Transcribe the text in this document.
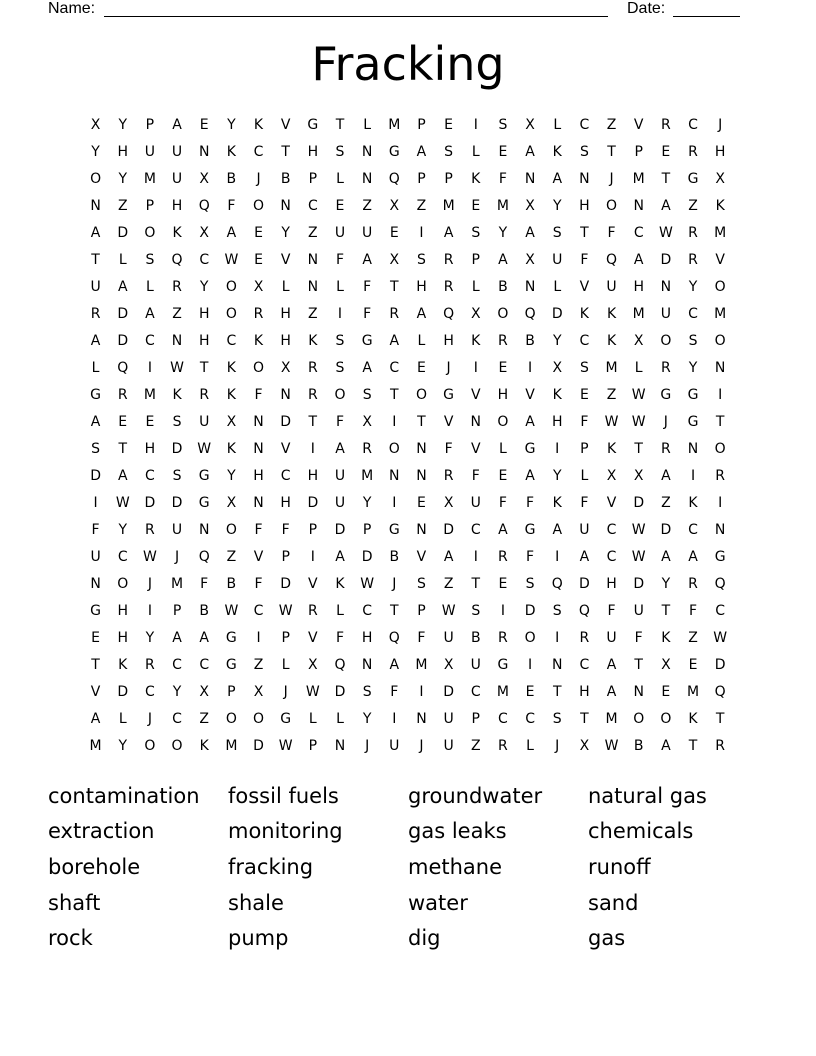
Name:	Date:
Fracking
X	Y	P	A	E	Y	K	V	G	T	L	M	P	E	I	S	X	L	C	Z	V	R	C	J
Y	H	U	U	N	K	C	T	H	S	N	G	A	S	L	E	A	K	S	T	P	E	R	H
O	Y	M	U	X	B	J	B	P	L	N	Q	P	P	K	F	N	A	N	J	M	T	G	X
N	Z	P	H	Q	F	O	N	C	E	Z	X	Z	M	E	M	X	Y	H	O	N	A	Z	K
A	D	O	K	X	A	E	Y	Z	U	U	E	I	A	S	Y	A	S	T	F	C	W	R	M
T	L	S	Q	C	W	E	V	N	F	A	X	S	R	P	A	X	U	F	Q	A	D	R	V
U	A	L	R	Y	O	X	L	N	L	F	T	H	R	L	B	N	L	V	U	H	N	Y	O
R	D	A	Z	H	O	R	H	Z	I	F	R	A	Q	X	O	Q	D	K	K	M	U	C	M
A	D	C	N	H	C	K	H	K	S	G	A	L	H	K	R	B	Y	C	K	X	O	S	O
L	Q	I	W	T	K	O	X	R	S	A	C	E	J	I	E	I	X	S	M	L	R	Y	N
G	R	M	K	R	K	F	N	R	O	S	T	O	G	V	H	V	K	E	Z	W	G	G	I
A	E	E	S	U	X	N	D	T	F	X	I	T	V	N	O	A	H	F	W W	J	G	T
S	T	H	D	W	K	N	V	I	A	R	O	N	F	V	L	G	I	P	K	T	R	N	O
D	A	C	S	G	Y	H	C	H	U	M	N	N	R	F	E	A	Y	L	X	X	A	I	R
I	W	D	D	G	X	N	H	D	U	Y	I	E	X	U	F	F	K	F	V	D	Z	K	I
F	Y	R	U	N	O	F	F	P	D	P	G	N	D	C	A	G	A	U	C	W	D	C	N
U	C	W	J	Q	Z	V	P	I	A	D	B	V	A	I	R	F	I	A	C	W	A	A	G
N	O	J	M	F	B	F	D	V	K	W	J	S	Z	T	E	S	Q	D	H	D	Y	R	Q
G	H	I	P	B	W	C	W	R	L	C	T	P	W	S	I	D	S	Q	F	U	T	F	C
E	H	Y	A	A	G	I	P	V	F	H	Q	F	U	B	R	O	I	R	U	F	K	Z	W
T	K	R	C	C	G	Z	L	X	Q	N	A	M	X	U	G	I	N	C	A	T	X	E	D
V	D	C	Y	X	P	X	J	W	D	S	F	I	D	C	M	E	T	H	A	N	E	M	Q
A	L	J	C	Z	O	O	G	L	L	Y	I	N	U	P	C	C	S	T	M	O	O	K	T
M	Y	O	O	K	M	D	W	P	N	J	U	J	U	Z	R	L	J	X	W	B	A	T	R
contamination	fossil fuels	groundwater	natural gas
extraction	monitoring	gas leaks	chemicals
borehole	fracking	methane	runoff
shaft	shale	water	sand
rock	pump	dig	gas
